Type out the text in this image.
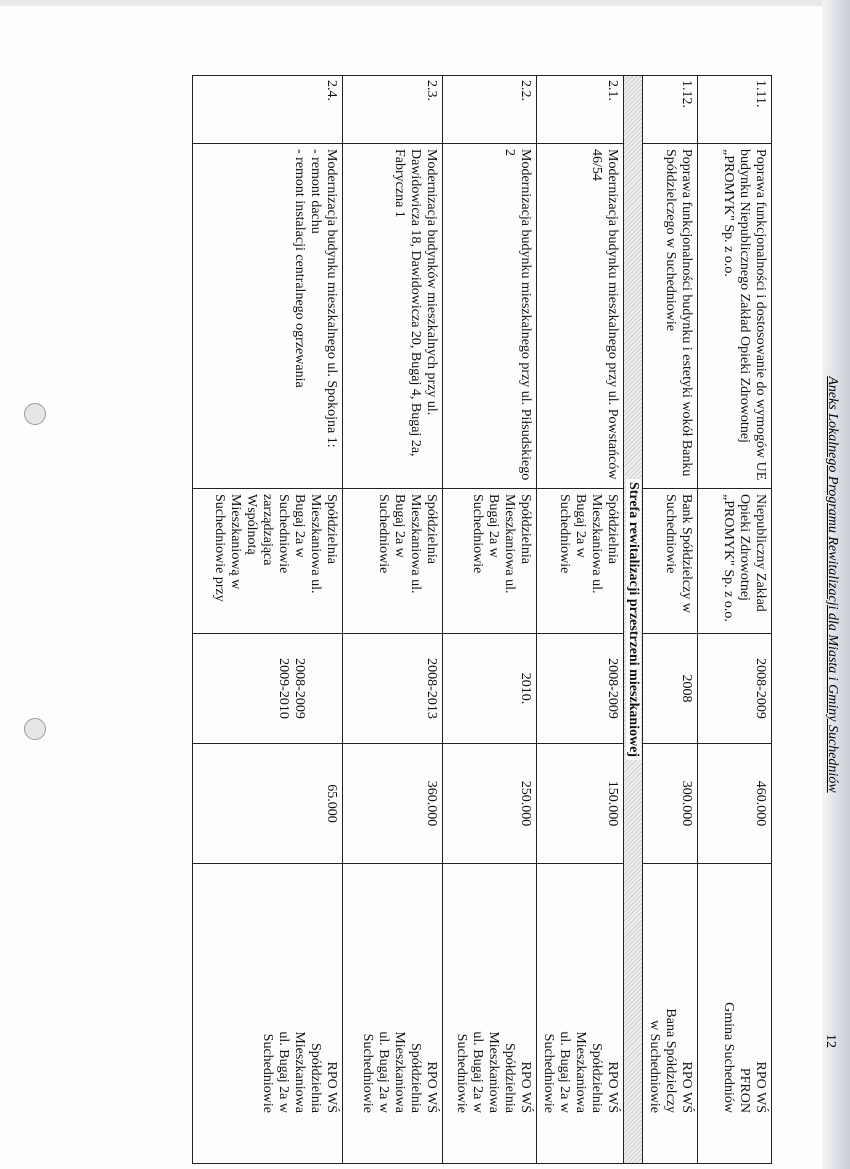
Aneks Lokalnego Programu Rewitalizacji dla Miasta i Gminy Suchedniów
12
1.11.	Poprawa funkcjonalności i dostosowanie do wymogów UE budynku Niepublicznego Zakład Opieki Zdrowotnej „PROMYK" Sp. z o.o.	Niepubliczny Zakład Opieki Zdrowotnej „PROMYK" Sp. z o.o.	2008-2009	460.000	RPO WŚ
PFRON
Gmina Suchedniów

1.12.	Poprawa funkcjonalności budynku i estetyki wokół Banku Spółdzielczego w Suchedniowie	Bank Spółdzielczy w Suchedniowie	2008	300.000	RPO WŚ
Bana Spółdzielczy
w Suchedniowie

Strefa rewitalizacji przestrzeni mieszkaniowej					
2.1.	Modernizacja budynku mieszkalnego przy ul. Powstańców 46/54	Spółdzielnia Mieszkaniowa ul. Bugaj 2a w Suchedniowie	2008-2009	150.000	RPO WŚ
Spółdzielnia
Mieszkaniowa
ul. Bugaj 2a w
Suchedniowie

2.2.	Modernizacja budynku mieszkalnego przy ul. Piłsudskiego 2	Spółdzielnia Mieszkaniowa ul. Bugaj 2a w Suchedniowie	2010.	250.000	RPO WŚ
Spółdzielnia
Mieszkaniowa
ul. Bugaj 2a w
Suchedniowie

2.3.	Modernizacja budynków mieszkalnych przy ul. Dawidowicza 18, Dawidowicza 20, Bugaj 4, Bugaj 2a, Fabryczna 1	Spółdzielnia Mieszkaniowa ul. Bugaj 2a w Suchedniowie	2008-2013	360.000	RPO WŚ
Spółdzielnia
Mieszkaniowa
ul. Bugaj 2a w
Suchedniowie

2.4.	Modernizacja budynku mieszkalnego ul. Spokojna 1:
- remont dachu
- remont instalacji centralnego ogrzewania	Spółdzielnia Mieszkaniowa ul. Bugaj 2a w Suchedniowie zarządzająca Wspólnotą Mieszkaniową w Suchedniowie przy	2008-2009
2009-2010	65.000	RPO WŚ
Spółdzielnia
Mieszkaniowa
ul. Bugaj 2a w
Suchedniowie
